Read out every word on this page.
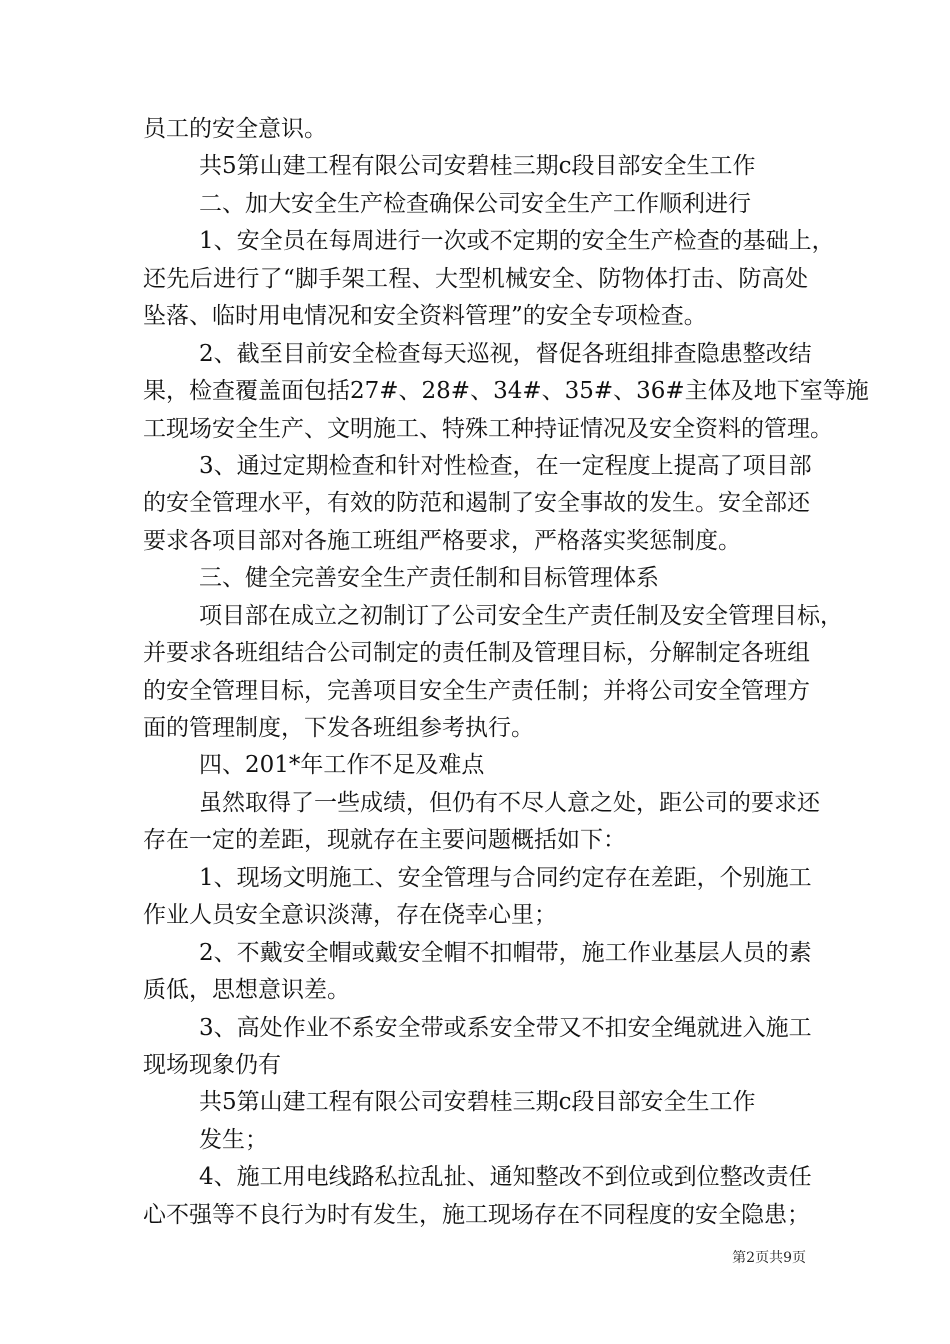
员工的安全意识。
共5第山建工程有限公司安碧桂三期c段目部安全生工作
二、加大安全生产检查确保公司安全生产工作顺利进行
1、安全员在每周进行一次或不定期的安全生产检查的基础上，
还先后进行了“脚手架工程、大型机械安全、防物体打击、防高处
坠落、临时用电情况和安全资料管理”的安全专项检查。
2、截至目前安全检查每天巡视，督促各班组排查隐患整改结
果，检查覆盖面包括27#、28#、34#、35#、36#主体及地下室等施
工现场安全生产、文明施工、特殊工种持证情况及安全资料的管理。
3、通过定期检查和针对性检查，在一定程度上提高了项目部
的安全管理水平，有效的防范和遏制了安全事故的发生。安全部还
要求各项目部对各施工班组严格要求，严格落实奖惩制度。
三、健全完善安全生产责任制和目标管理体系
项目部在成立之初制订了公司安全生产责任制及安全管理目标，
并要求各班组结合公司制定的责任制及管理目标，分解制定各班组
的安全管理目标，完善项目安全生产责任制；并将公司安全管理方
面的管理制度，下发各班组参考执行。
四、201*年工作不足及难点
虽然取得了一些成绩，但仍有不尽人意之处，距公司的要求还
存在一定的差距，现就存在主要问题概括如下：
1、现场文明施工、安全管理与合同约定存在差距，个别施工
作业人员安全意识淡薄，存在侥幸心里；
2、不戴安全帽或戴安全帽不扣帽带，施工作业基层人员的素
质低，思想意识差。
3、高处作业不系安全带或系安全带又不扣安全绳就进入施工
现场现象仍有
共5第山建工程有限公司安碧桂三期c段目部安全生工作
发生；
4、施工用电线路私拉乱扯、通知整改不到位或到位整改责任
心不强等不良行为时有发生，施工现场存在不同程度的安全隐患；
第2页共9页
